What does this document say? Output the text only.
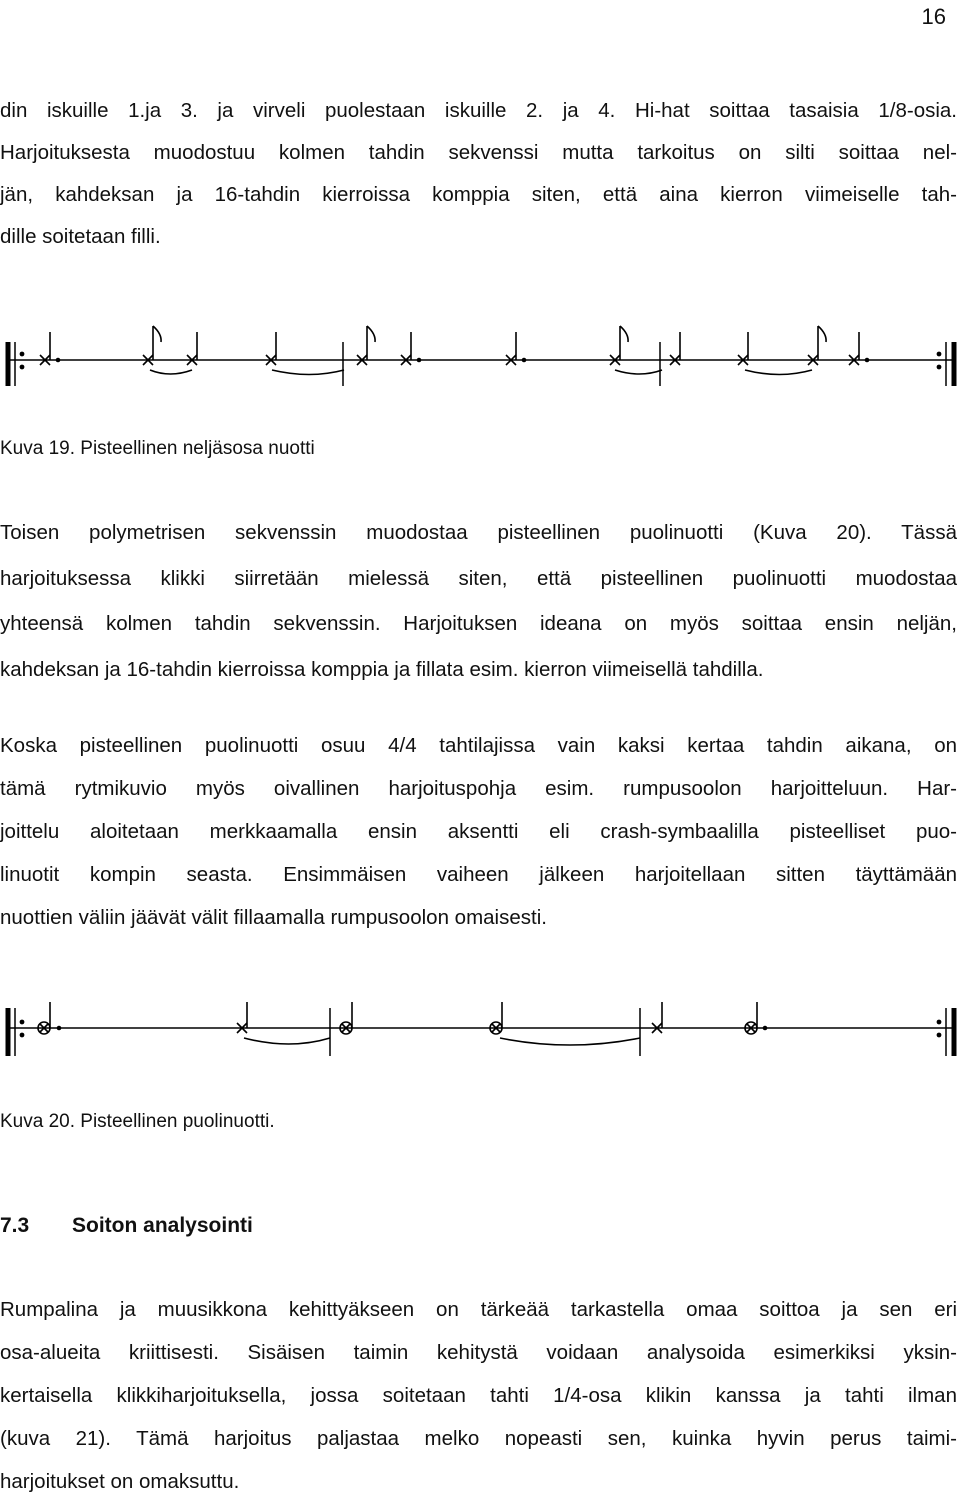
16

din iskuille 1.ja 3. ja virveli puolestaan iskuille 2. ja 4. Hi-hat soittaa tasaisia 1/8-osia.
Harjoituksesta muodostuu kolmen tahdin sekvenssi mutta tarkoitus on silti soittaa nel-
jän, kahdeksan ja 16-tahdin kierroissa komppia siten, että aina kierron viimeiselle tah-
dille soitetaan filli.

Kuva 19. Pisteellinen neljäsosa nuotti

Toisen polymetrisen sekvenssin muodostaa pisteellinen puolinuotti (Kuva 20). Tässä
harjoituksessa klikki siirretään mielessä siten, että pisteellinen puolinuotti muodostaa
yhteensä kolmen tahdin sekvenssin. Harjoituksen ideana on myös soittaa ensin neljän,
kahdeksan ja 16-tahdin kierroissa komppia ja fillata esim. kierron viimeisellä tahdilla.

Koska pisteellinen puolinuotti osuu 4/4 tahtilajissa vain kaksi kertaa tahdin aikana, on
tämä rytmikuvio myös oivallinen harjoituspohja esim. rumpusoolon harjoitteluun. Har-
joittelu aloitetaan merkkaamalla ensin aksentti eli crash-symbaalilla pisteelliset puo-
linuotit kompin seasta. Ensimmäisen vaiheen jälkeen harjoitellaan sitten täyttämään
nuottien väliin jäävät välit fillaamalla rumpusoolon omaisesti.

Kuva 20. Pisteellinen puolinuotti.

7.3 Soiton analysointi

Rumpalina ja muusikkona kehittyäkseen on tärkeää tarkastella omaa soittoa ja sen eri
osa-alueita kriittisesti. Sisäisen taimin kehitystä voidaan analysoida esimerkiksi yksin-
kertaisella klikkiharjoituksella, jossa soitetaan tahti 1/4-osa klikin kanssa ja tahti ilman
(kuva 21). Tämä harjoitus paljastaa melko nopeasti sen, kuinka hyvin perus taimi-
harjoitukset on omaksuttu.
